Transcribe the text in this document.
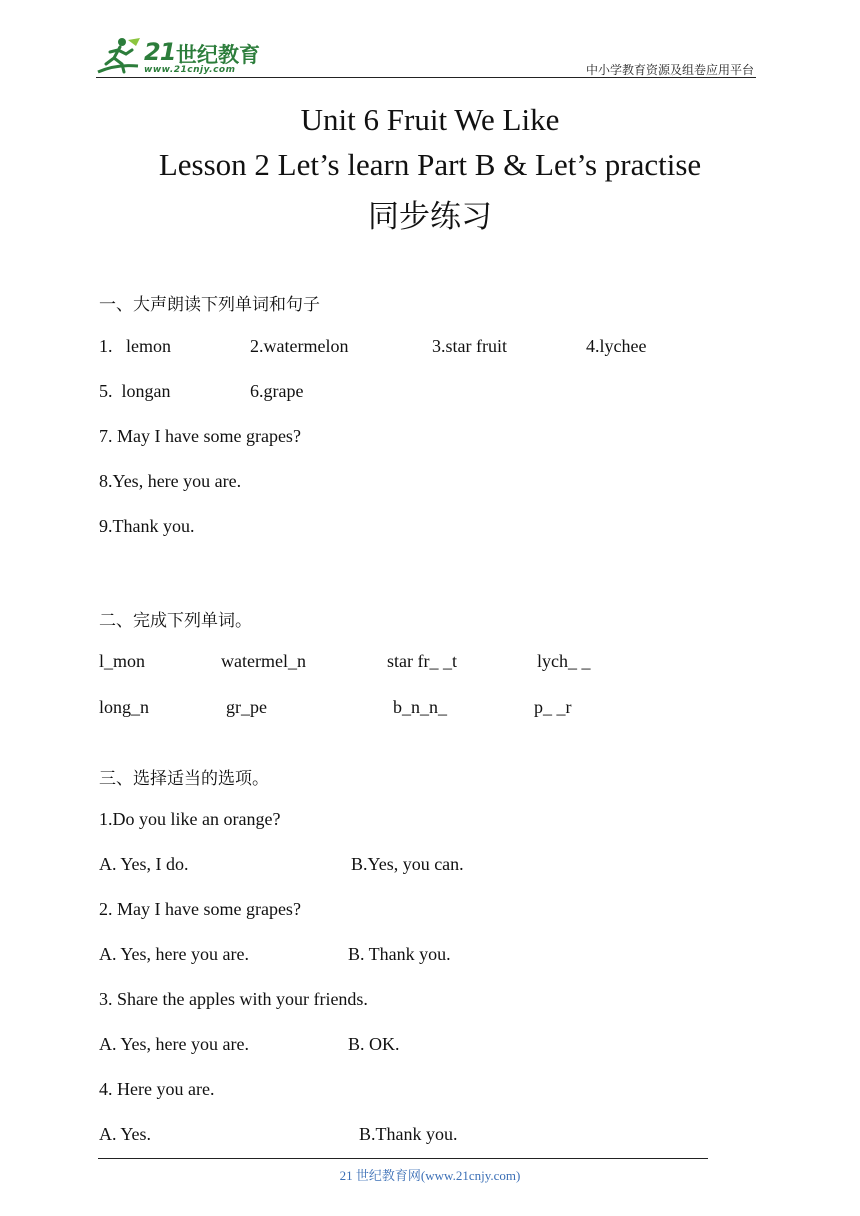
21 世纪教育
www.21cnjy.com	中小学教育资源及组卷应用平台
Unit 6 Fruit We Like
Lesson 2 Let’s learn Part B & Let’s practise
同步练习
一、大声朗读下列单词和句子
1.   lemon	2.watermelon	3.star fruit	4.lychee
5.  longan	6.grape
7. May I have some grapes?
8.Yes, here you are.
9.Thank you.
二、完成下列单词。
l_mon	watermel_n	star fr_ _t	lych_ _
long_n	gr_pe	b_n_n_	p_ _r
三、选择适当的选项。
1.Do you like an orange?
A. Yes, I do.	B.Yes, you can.
2. May I have some grapes?
A. Yes, here you are.	B. Thank you.
3. Share the apples with your friends.
A. Yes, here you are.	B. OK.
4. Here you are.
A. Yes.	B.Thank you.
21 世纪教育网(www.21cnjy.com)
